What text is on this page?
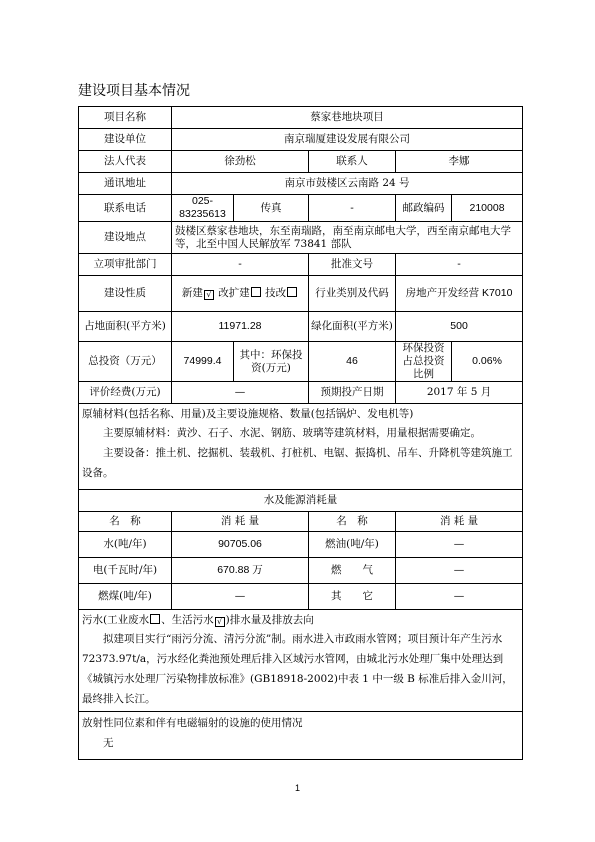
建设项目基本情况
项目名称	蔡家巷地块项目				
建设单位	南京瑞厦建设发展有限公司				
法人代表	徐劲松		联系人	李娜	
通讯地址	南京市鼓楼区云南路 24 号				
联系电话	025-83235613	传真	-	邮政编码	210008
建设地点	鼓楼区蔡家巷地块，东至南瑞路，南至南京邮电大学，西至南京邮电大学等，北至中国人民解放军 73841 部队				
立项审批部门	-		批准文号	-	
建设性质	新建 √ 改扩建 技改		行业类别及代码	房地产开发经营 K7010	
占地面积(平方米)	11971.28		绿化面积(平方米)	500	
总投资（万元）	74999.4	其中：环保投资(万元)	46	环保投资占总投资比例	0.06%
评价经费(万元)	—		预期投产日期	2017 年 5 月	

原辅材料(包括名称、用量)及主要设施规格、数量(包括锅炉、发电机等)

主要原辅材料：黄沙、石子、水泥、钢筋、玻璃等建筑材料，用量根据需要确定。

主要设备：推土机、挖掘机、装载机、打桩机、电锯、振捣机、吊车、升降机等建筑施工设备。					

水及能源消耗量					
名　称	消 耗 量		名　称	消 耗 量	
水(吨/年)	90705.06		燃油(吨/年)	—	
电(千瓦时/年)	670.88 万		燃　　气	—	
燃煤(吨/年)	—		其　　它	—	

污水(工业废水 、生活污水 √ )排水量及排放去向

拟建项目实行“雨污分流、清污分流”制。雨水进入市政雨水管网；项目预计年产生污水 72373.97t/a，污水经化粪池预处理后排入区域污水管网，由城北污水处理厂集中处理达到《城镇污水处理厂污染物排放标准》(GB18918-2002)中表 1 中一级 B 标准后排入金川河，最终排入长江。					

放射性同位素和伴有电磁辐射的设施的使用情况

无					

1
